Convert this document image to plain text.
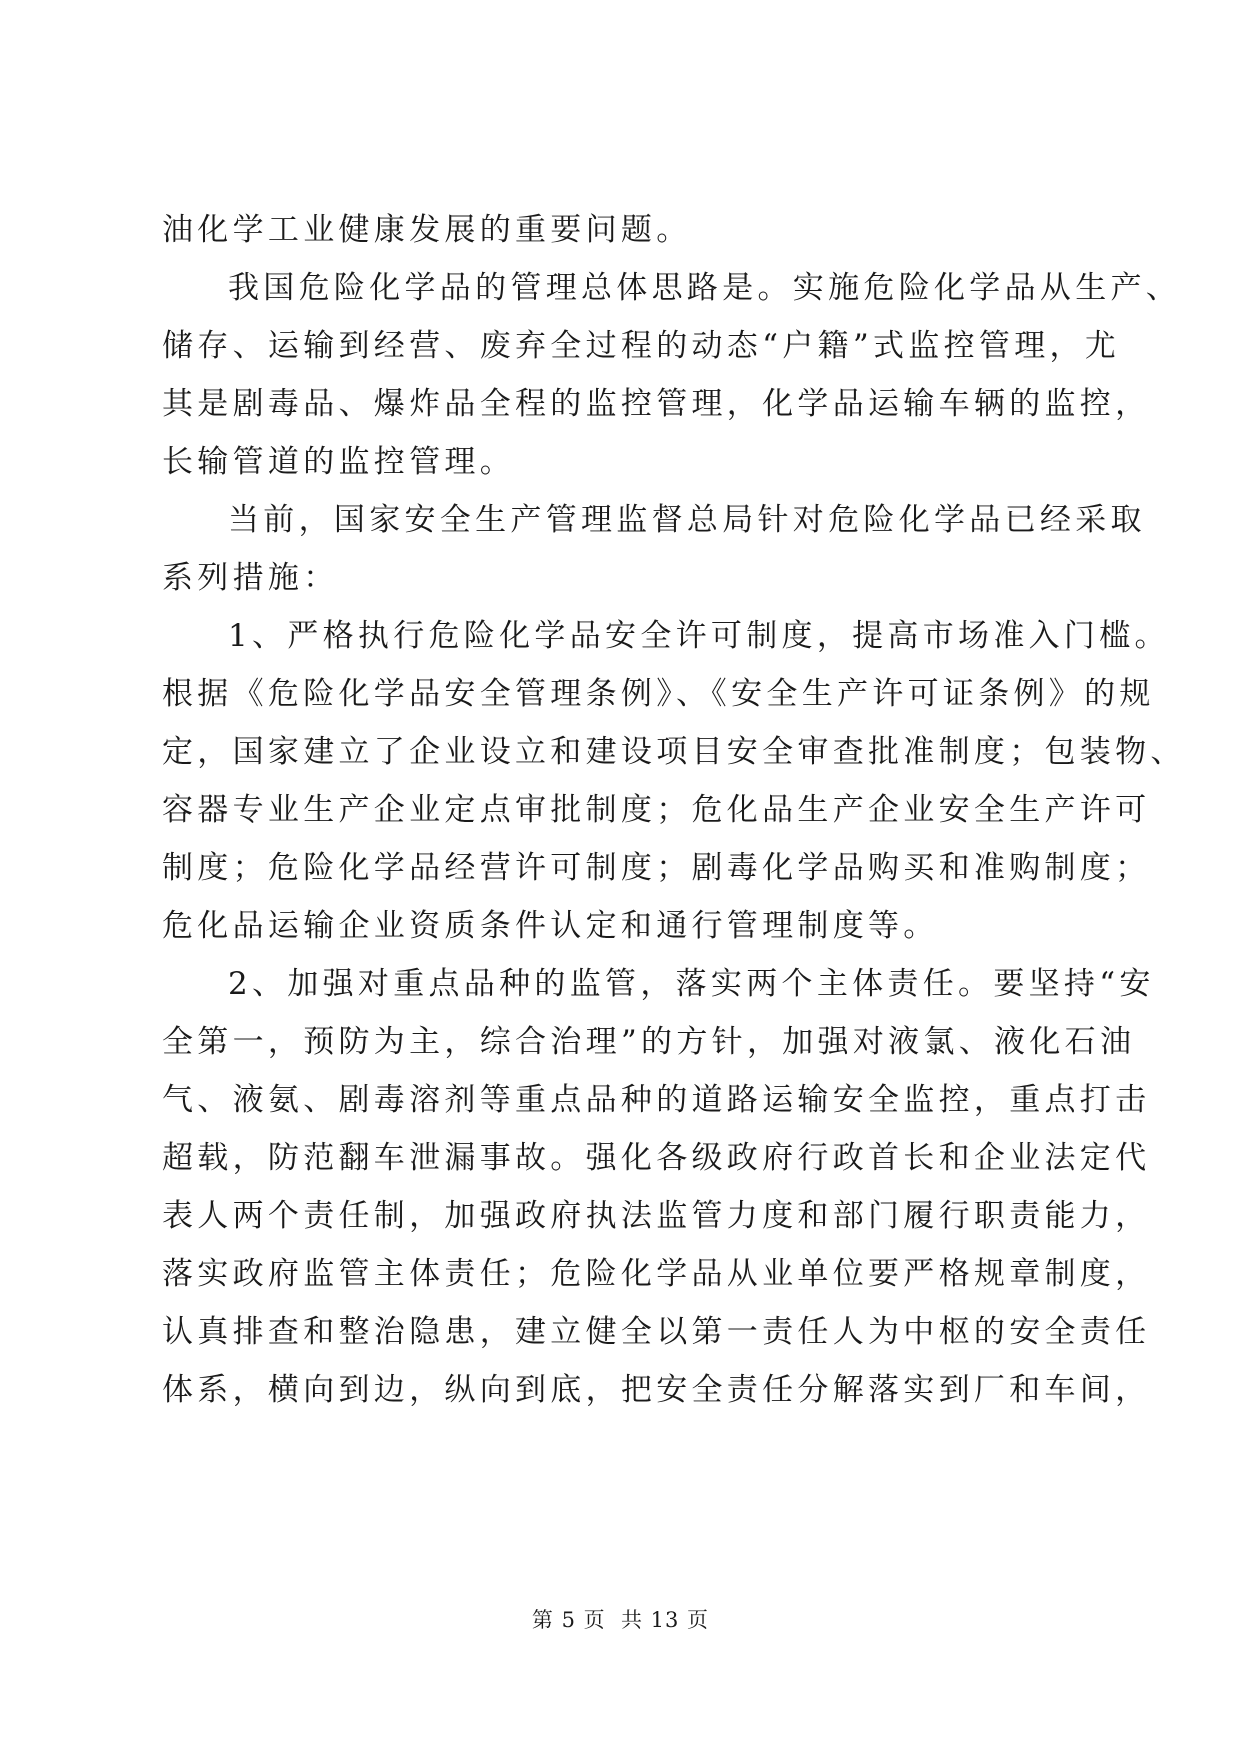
油化学工业健康发展的重要问题。
我国危险化学品的管理总体思路是。实施危险化学品从生产、
储存、运输到经营、废弃全过程的动态“户籍”式监控管理，尤
其是剧毒品、爆炸品全程的监控管理，化学品运输车辆的监控，
长输管道的监控管理。
当前，国家安全生产管理监督总局针对危险化学品已经采取
系列措施：
1、严格执行危险化学品安全许可制度，提高市场准入门槛。
根据《危险化学品安全管理条例》、《安全生产许可证条例》的规
定，国家建立了企业设立和建设项目安全审查批准制度；包装物、
容器专业生产企业定点审批制度；危化品生产企业安全生产许可
制度；危险化学品经营许可制度；剧毒化学品购买和准购制度；
危化品运输企业资质条件认定和通行管理制度等。
2、加强对重点品种的监管，落实两个主体责任。要坚持“安
全第一，预防为主，综合治理”的方针，加强对液氯、液化石油
气、液氨、剧毒溶剂等重点品种的道路运输安全监控，重点打击
超载，防范翻车泄漏事故。强化各级政府行政首长和企业法定代
表人两个责任制，加强政府执法监管力度和部门履行职责能力，
落实政府监管主体责任；危险化学品从业单位要严格规章制度，
认真排查和整治隐患，建立健全以第一责任人为中枢的安全责任
体系，横向到边，纵向到底，把安全责任分解落实到厂和车间，
第 5 页  共 13 页
